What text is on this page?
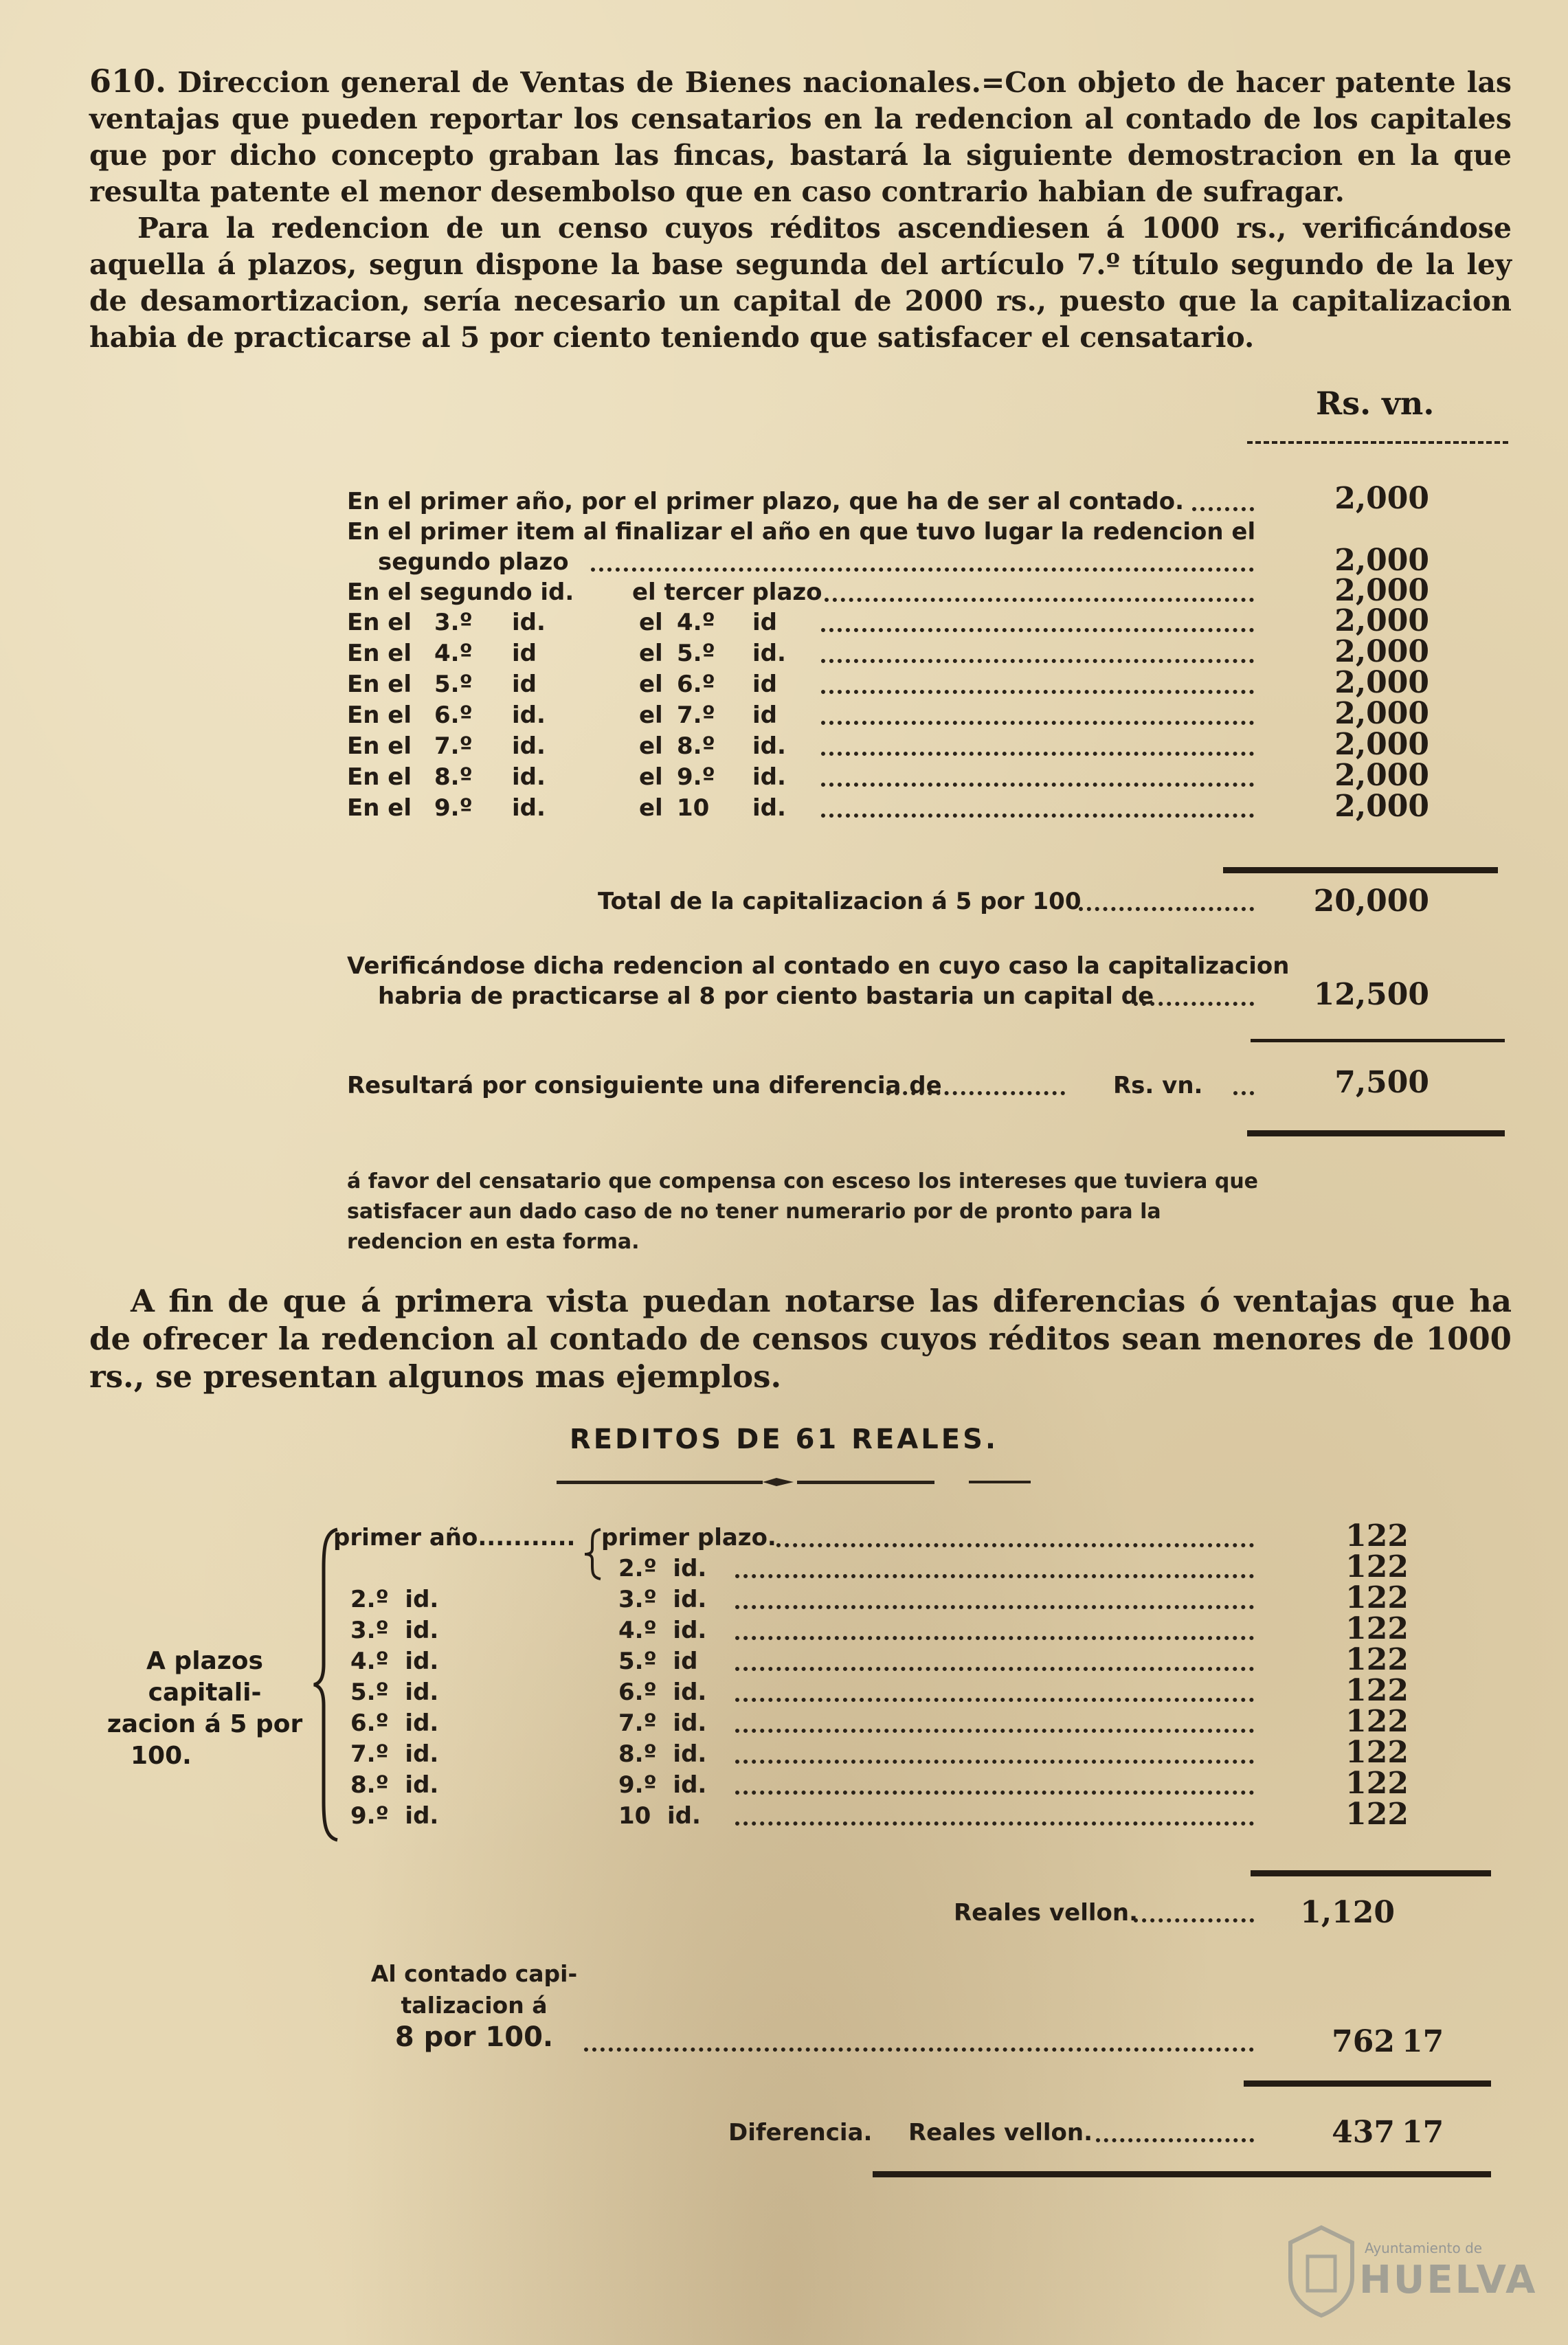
610. Direccion general de Ventas de Bienes nacionales.=Con objeto de hacer patente las ventajas que pueden reportar los censatarios en la redencion al contado de los capitales que por dicho concepto graban las fincas, bastará la siguiente demostracion en la que resulta patente el menor desembolso que en caso contrario habian de sufragar.
Para la redencion de un censo cuyos réditos ascendiesen á 1000 rs., verificándose aquella á plazos, segun dispone la base segunda del artículo 7.º título segundo de la ley de desamortizacion, sería necesario un capital de 2000 rs., puesto que la capitalizacion habia de practicarse al 5 por ciento teniendo que satisfacer el censatario.
Rs. vn.
En el primer año, por el primer plazo, que ha de ser al contado.	2,000
En el primer item al finalizar el año en que tuvo lugar la redencion el
segundo plazo	2,000
En el segundo id. el tercer plazo	2,000
En el 3.º id.	el 4.º id	2,000
En el 4.º id	el 5.º id.	2,000
En el 5.º id	el 6.º id	2,000
En el 6.º id.	el 7.º id	2,000
En el 7.º id.	el 8.º id.	2,000
En el 8.º id.	el 9.º id.	2,000
En el 9.º id.	el 10 id.	2,000
Total de la capitalizacion á 5 por 100	20,000
Verificándose dicha redencion al contado en cuyo caso la capitalizacion
habria de practicarse al 8 por ciento bastaria un capital de	12,500
Resultará por consiguiente una diferencia de	Rs. vn.	7,500
á favor del censatario que compensa con esceso los intereses que tuviera que satisfacer aun dado caso de no tener numerario por de pronto para la redencion en esta forma.
A fin de que á primera vista puedan notarse las diferencias ó ventajas que ha de ofrecer la redencion al contado de censos cuyos réditos sean menores de 1000 rs., se presentan algunos mas ejemplos.
REDITOS DE 61 REALES.
A plazos capitali-
zacion á 5 por
100.
primer año........... primer plazo.	122
2.º  id.	122
2.º  id.	3.º  id.	122
3.º  id.	4.º  id.	122
4.º  id.	5.º  id	122
5.º  id.	6.º  id.	122
6.º  id.	7.º  id.	122
7.º  id.	8.º  id.	122
8.º  id.	9.º  id.	122
9.º  id.	10  id.	122
Reales vellon.	1,120
Al contado capi-
talizacion á
8 por 100.	762 17
Diferencia. Reales vellon.	437 17
Ayuntamiento de
HUELVA
